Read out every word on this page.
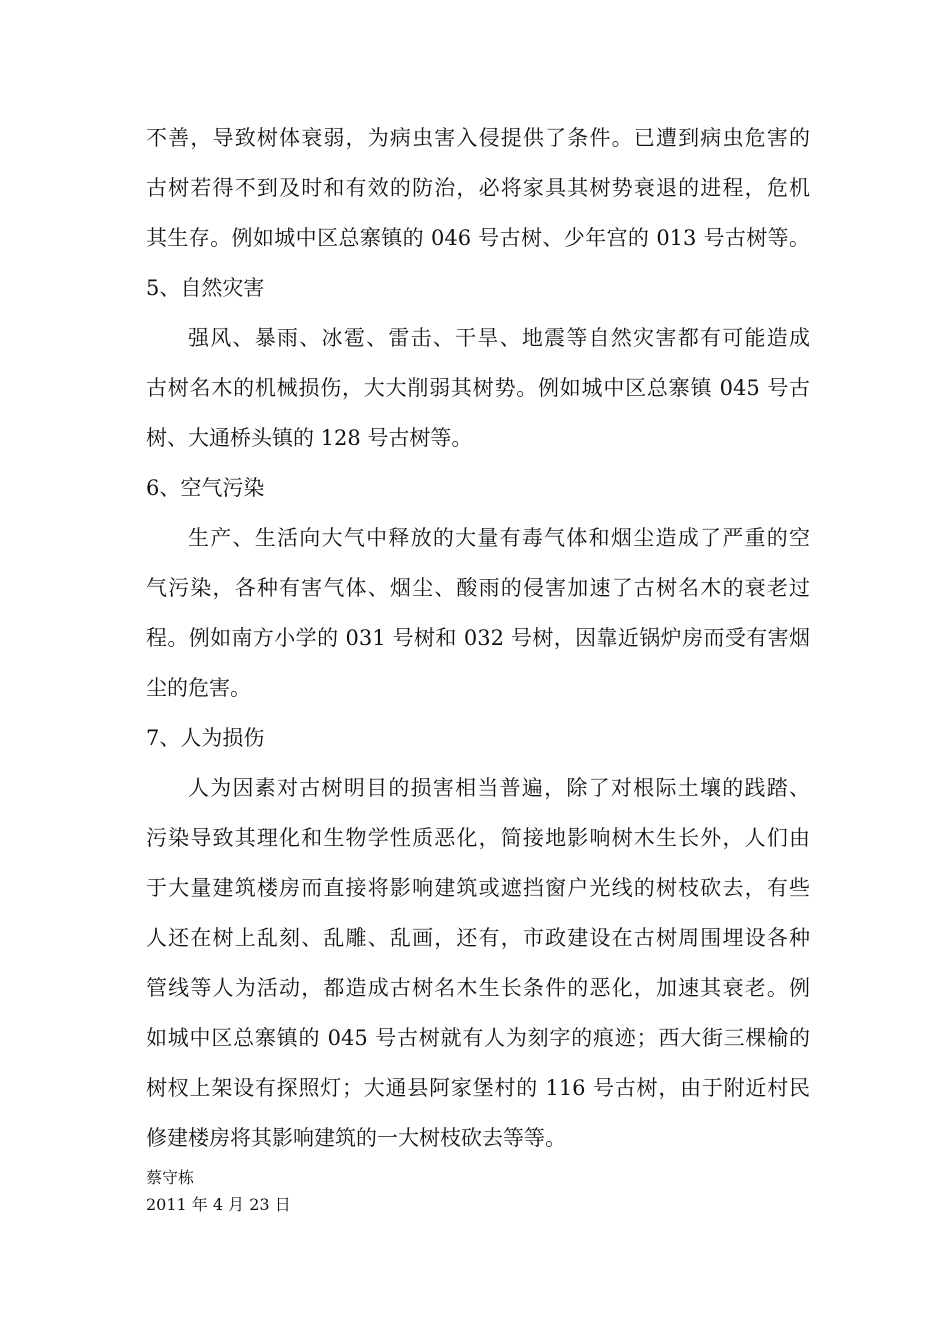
不善，导致树体衰弱，为病虫害入侵提供了条件。已遭到病虫危害的
古树若得不到及时和有效的防治，必将家具其树势衰退的进程，危机
其生存。例如城中区总寨镇的 046 号古树、少年宫的 013 号古树等。
5、自然灾害
强风、暴雨、冰雹、雷击、干旱、地震等自然灾害都有可能造成
古树名木的机械损伤，大大削弱其树势。例如城中区总寨镇 045 号古
树、大通桥头镇的 128 号古树等。
6、空气污染
生产、生活向大气中释放的大量有毒气体和烟尘造成了严重的空
气污染，各种有害气体、烟尘、酸雨的侵害加速了古树名木的衰老过
程。例如南方小学的 031 号树和 032 号树，因靠近锅炉房而受有害烟
尘的危害。
7、人为损伤
人为因素对古树明目的损害相当普遍，除了对根际土壤的践踏、
污染导致其理化和生物学性质恶化，简接地影响树木生长外，人们由
于大量建筑楼房而直接将影响建筑或遮挡窗户光线的树枝砍去，有些
人还在树上乱刻、乱雕、乱画，还有，市政建设在古树周围埋设各种
管线等人为活动，都造成古树名木生长条件的恶化，加速其衰老。例
如城中区总寨镇的 045 号古树就有人为刻字的痕迹；西大街三棵榆的
树杈上架设有探照灯；大通县阿家堡村的 116 号古树，由于附近村民
修建楼房将其影响建筑的一大树枝砍去等等。
蔡守栋
2011 年 4 月 23 日
